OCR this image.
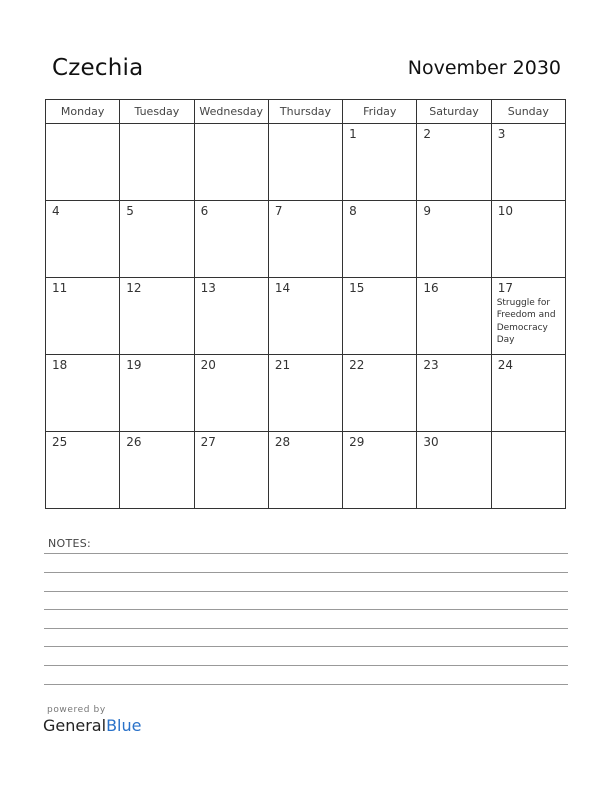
Czechia	November 2030
Monday	Tuesday	Wednesday	Thursday	Friday	Saturday	Sunday

				1	2	3

4	5	6	7	8	9	10

11	12	13	14	15	16	17
Struggle for Freedom and Democracy Day

18	19	20	21	22	23	24

25	26	27	28	29	30	

NOTES:
powered by
GeneralBlue
